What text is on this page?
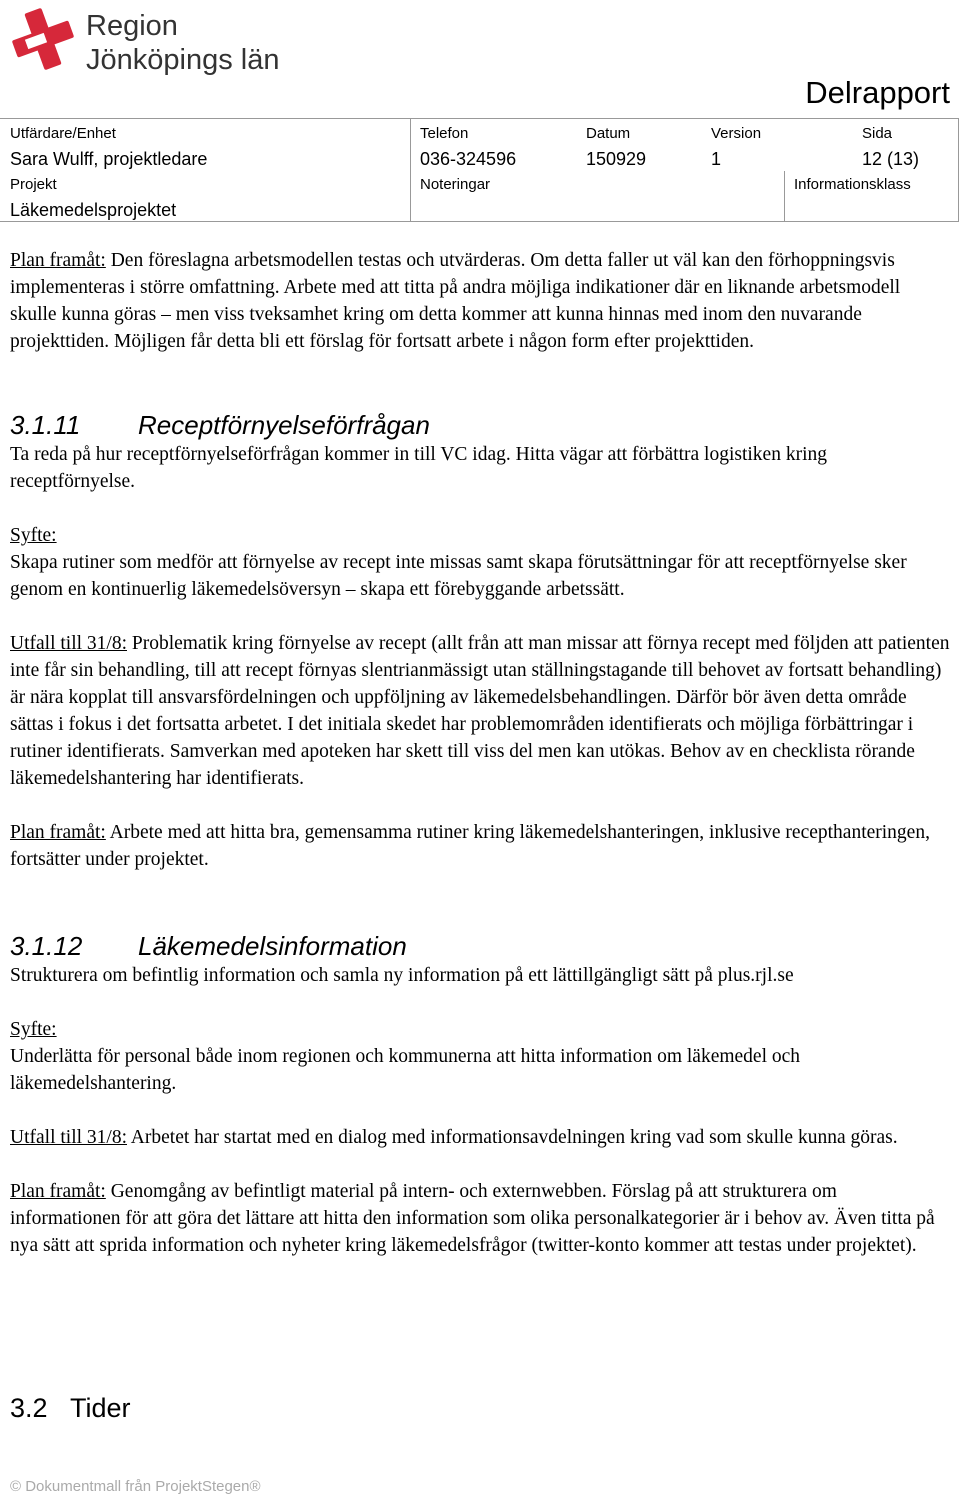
Region
Jönköpings län
Delrapport
Utfärdare/Enhet
Sara Wulff, projektledare
Telefon
036-324596
Datum
150929
Version
1
Sida
12 (13)
Projekt
Läkemedelsprojektet
Noteringar	Informationsklass

Plan framåt: Den föreslagna arbetsmodellen testas och utvärderas. Om detta faller ut väl kan den förhoppningsvis implementeras i större omfattning. Arbete med att titta på andra möjliga indikationer där en liknande arbetsmodell skulle kunna göras – men viss tveksamhet kring om detta kommer att kunna hinnas med inom den nuvarande projekttiden. Möjligen får detta bli ett förslag för fortsatt arbete i någon form efter projekttiden.

3.1.11 Receptförnyelseförfrågan

Ta reda på hur receptförnyelseförfrågan kommer in till VC idag. Hitta vägar att förbättra logistiken kring receptförnyelse.

Syfte:

Skapa rutiner som medför att förnyelse av recept inte missas samt skapa förutsättningar för att receptförnyelse sker genom en kontinuerlig läkemedelsöversyn – skapa ett förebyggande arbetssätt.

Utfall till 31/8: Problematik kring förnyelse av recept (allt från att man missar att förnya recept med följden att patienten inte får sin behandling, till att recept förnyas slentrianmässigt utan ställningstagande till behovet av fortsatt behandling) är nära kopplat till ansvarsfördelningen och uppföljning av läkemedelsbehandlingen. Därför bör även detta område sättas i fokus i det fortsatta arbetet. I det initiala skedet har problemområden identifierats och möjliga förbättringar i rutiner identifierats. Samverkan med apoteken har skett till viss del men kan utökas. Behov av en checklista rörande läkemedelshantering har identifierats.

Plan framåt: Arbete med att hitta bra, gemensamma rutiner kring läkemedelshanteringen, inklusive recepthanteringen, fortsätter under projektet.

3.1.12 Läkemedelsinformation

Strukturera om befintlig information och samla ny information på ett lättillgängligt sätt på plus.rjl.se

Syfte:

Underlätta för personal både inom regionen och kommunerna att hitta information om läkemedel och läkemedelshantering.

Utfall till 31/8: Arbetet har startat med en dialog med informationsavdelningen kring vad som skulle kunna göras.

Plan framåt: Genomgång av befintligt material på intern- och externwebben. Förslag på att strukturera om informationen för att göra det lättare att hitta den information som olika personalkategorier är i behov av. Även titta på nya sätt att sprida information och nyheter kring läkemedelsfrågor (twitter-konto kommer att testas under projektet).

3.2 Tider
© Dokumentmall från ProjektStegen®
